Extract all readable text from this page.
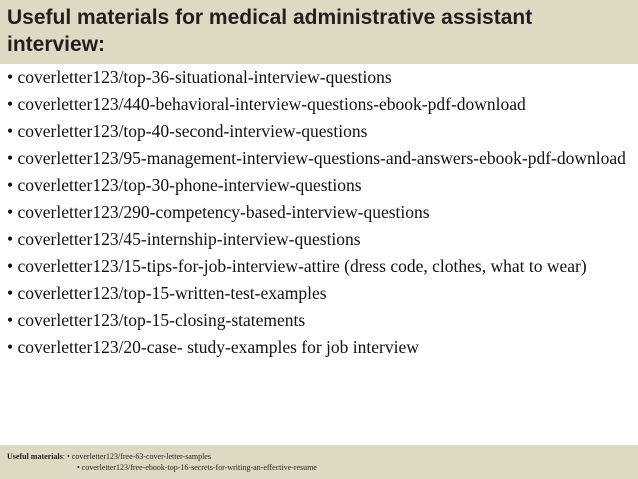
Useful materials for medical administrative assistant interview:
• coverletter123/top-36-situational-interview-questions
• coverletter123/440-behavioral-interview-questions-ebook-pdf-download
• coverletter123/top-40-second-interview-questions
• coverletter123/95-management-interview-questions-and-answers-ebook-pdf-download
• coverletter123/top-30-phone-interview-questions
• coverletter123/290-competency-based-interview-questions
• coverletter123/45-internship-interview-questions
• coverletter123/15-tips-for-job-interview-attire (dress code, clothes, what to wear)
• coverletter123/top-15-written-test-examples
• coverletter123/top-15-closing-statements
• coverletter123/20-case- study-examples for job interview
Useful materials: • coverletter123/free-63-cover-letter-samples
• coverletter123/free-ebook-top-16-secrets-for-writing-an-effective-resume
